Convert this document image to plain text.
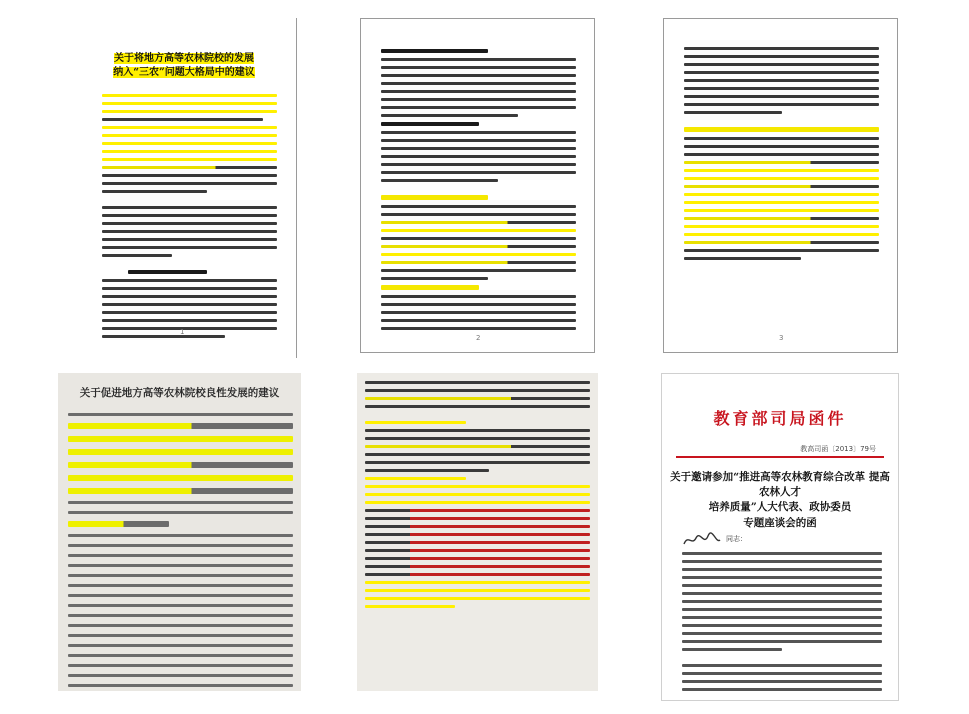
关于将地方高等农林院校的发展
纳入“三农”问题大格局中的建议
1
2	3
关于促进地方高等农林院校良性发展的建议
教育部司局函件
教高司函〔2013〕79号
关于邀请参加“推进高等农林教育综合改革 提高农林人才
培养质量”人大代表、政协委员
专题座谈会的函
同志：
